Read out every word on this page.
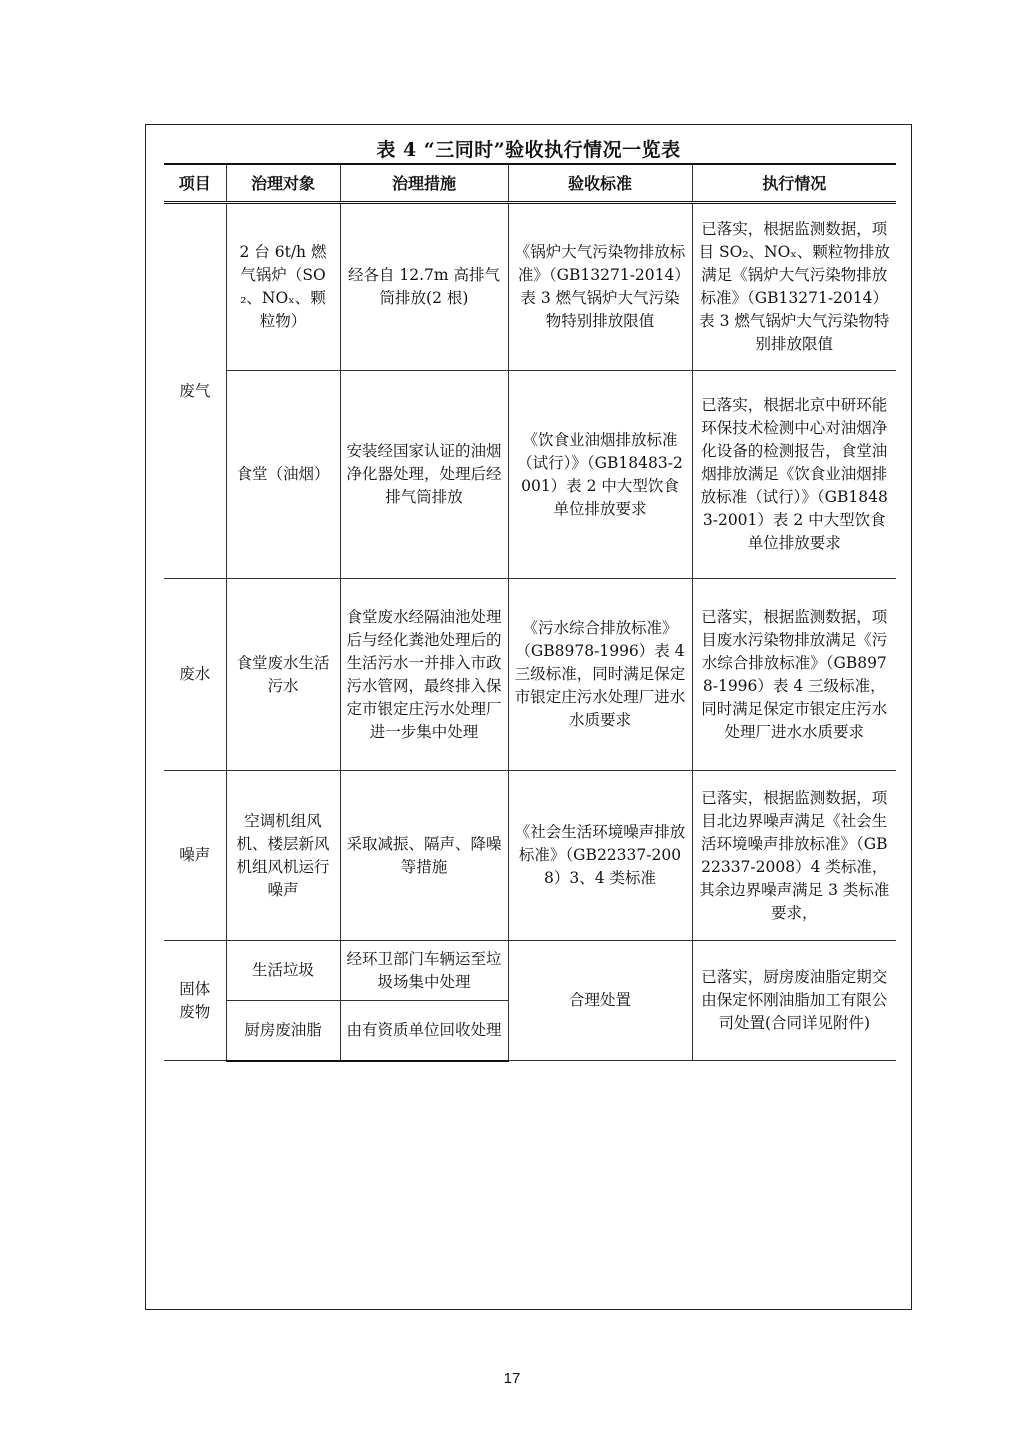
表 4 “三同时”验收执行情况一览表
项目	治理对象	治理措施	验收标准	执行情况
废气	2 台 6t/h 燃气锅炉（SO₂、NOₓ、颗粒物）	经各自 12.7m 高排气筒排放(2 根)	《锅炉大气污染物排放标准》（GB13271-2014）表 3 燃气锅炉大气污染物特别排放限值	已落实，根据监测数据，项目 SO₂、NOₓ、颗粒物排放满足《锅炉大气污染物排放标准》（GB13271-2014）表 3 燃气锅炉大气污染物特别排放限值
	食堂（油烟）	安装经国家认证的油烟净化器处理，处理后经排气筒排放	《饮食业油烟排放标准（试行）》（GB18483-2001）表 2 中大型饮食单位排放要求	已落实，根据北京中研环能环保技术检测中心对油烟净化设备的检测报告，食堂油烟排放满足《饮食业油烟排放标准（试行）》（GB18483-2001）表 2 中大型饮食单位排放要求
废水	食堂废水生活污水	食堂废水经隔油池处理后与经化粪池处理后的生活污水一并排入市政污水管网，最终排入保定市银定庄污水处理厂进一步集中处理	《污水综合排放标准》（GB8978-1996）表 4 三级标准，同时满足保定市银定庄污水处理厂进水水质要求	已落实，根据监测数据，项目废水污染物排放满足《污水综合排放标准》（GB8978-1996）表 4 三级标准，同时满足保定市银定庄污水处理厂进水水质要求
噪声	空调机组风机、楼层新风机组风机运行噪声	采取减振、隔声、降噪等措施	《社会生活环境噪声排放标准》（GB22337-2008）3、4 类标准	已落实，根据监测数据，项目北边界噪声满足《社会生活环境噪声排放标准》（GB22337-2008）4 类标准，其余边界噪声满足 3 类标准要求，
固体废物	生活垃圾	经环卫部门车辆运至垃圾场集中处理	合理处置	已落实，厨房废油脂定期交由保定怀刚油脂加工有限公司处置(合同详见附件)
	厨房废油脂	由有资质单位回收处理		
17
